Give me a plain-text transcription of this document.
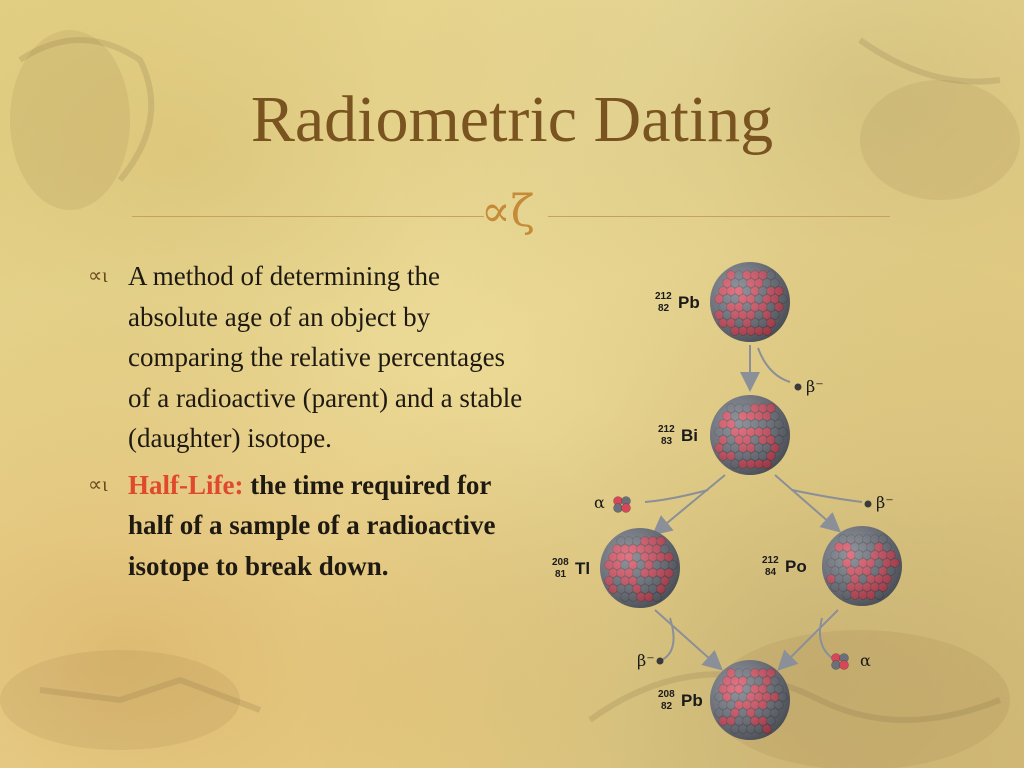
Radiometric Dating
∝ζ
∝ι A method of determining the absolute age of an object by comparing the relative percentages of a radioactive (parent) and a stable (daughter) isotope.
∝ι Half-Life: the time required for half of a sample of a radioactive isotope to break down.
212
82 Pb
212
83 Bi
208
81 Tl	212
84 Po
208
82 Pb
β⁻
α	β⁻
β⁻	α
